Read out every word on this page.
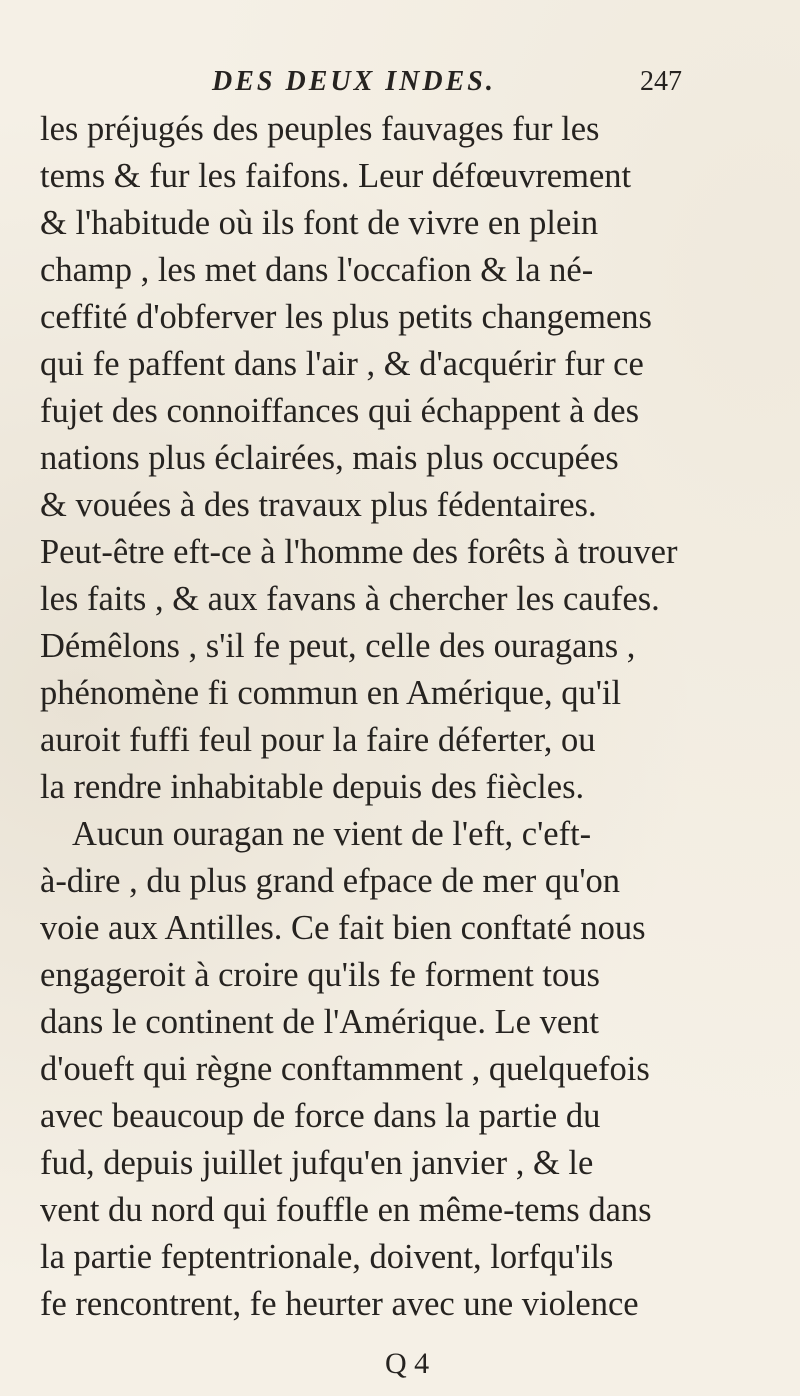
DES DEUX INDES.	247
les préjugés des peuples fauvages fur les
tems & fur les faifons. Leur défœuvrement
& l'habitude où ils font de vivre en plein
champ , les met dans l'occafion & la né-
ceffité d'obferver les plus petits changemens
qui fe paffent dans l'air , & d'acquérir fur ce
fujet des connoiffances qui échappent à des
nations plus éclairées, mais plus occupées
& vouées à des travaux plus fédentaires.
Peut-être eft-ce à l'homme des forêts à trouver
les faits , & aux favans à chercher les caufes.
Démêlons , s'il fe peut, celle des ouragans ,
phénomène fi commun en Amérique, qu'il
auroit fuffi feul pour la faire déferter, ou
la rendre inhabitable depuis des fiècles.
Aucun ouragan ne vient de l'eft, c'eft-
à-dire , du plus grand efpace de mer qu'on
voie aux Antilles. Ce fait bien conftaté nous
engageroit à croire qu'ils fe forment tous
dans le continent de l'Amérique. Le vent
d'oueft qui règne conftamment , quelquefois
avec beaucoup de force dans la partie du
fud, depuis juillet jufqu'en janvier , & le
vent du nord qui fouffle en même-tems dans
la partie feptentrionale, doivent, lorfqu'ils
fe rencontrent, fe heurter avec une violence
Q 4
